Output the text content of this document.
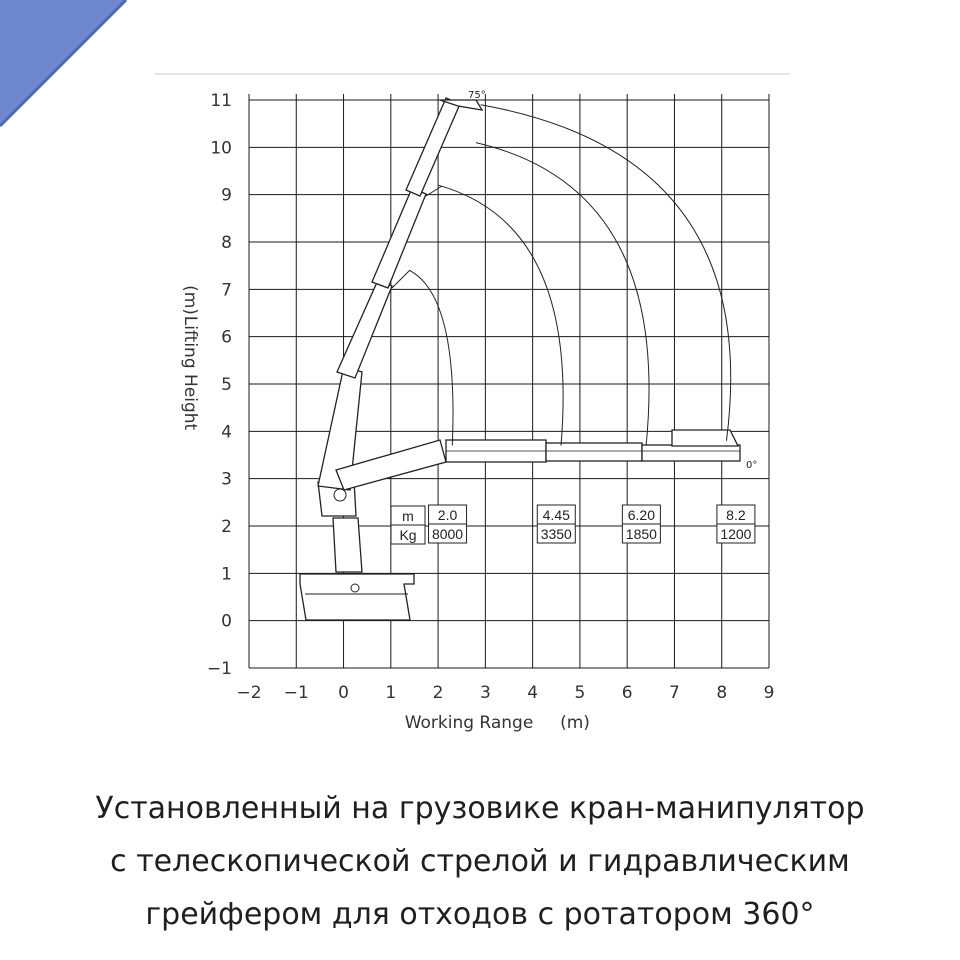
−2 −1 0 1 2 3 4 5 6 7 8 9
−1
0
1
2
3
4
5
6
7
8
9
10
11
Working Range (m)
Lifting Height
(m)
75°
0°
m
Kg
2.0
8000
4.45
3350
6.20
1850
8.2
1200
Установленный на грузовике кран-манипулятор
с телескопической стрелой и гидравлическим
грейфером для отходов с ротатором 360°
